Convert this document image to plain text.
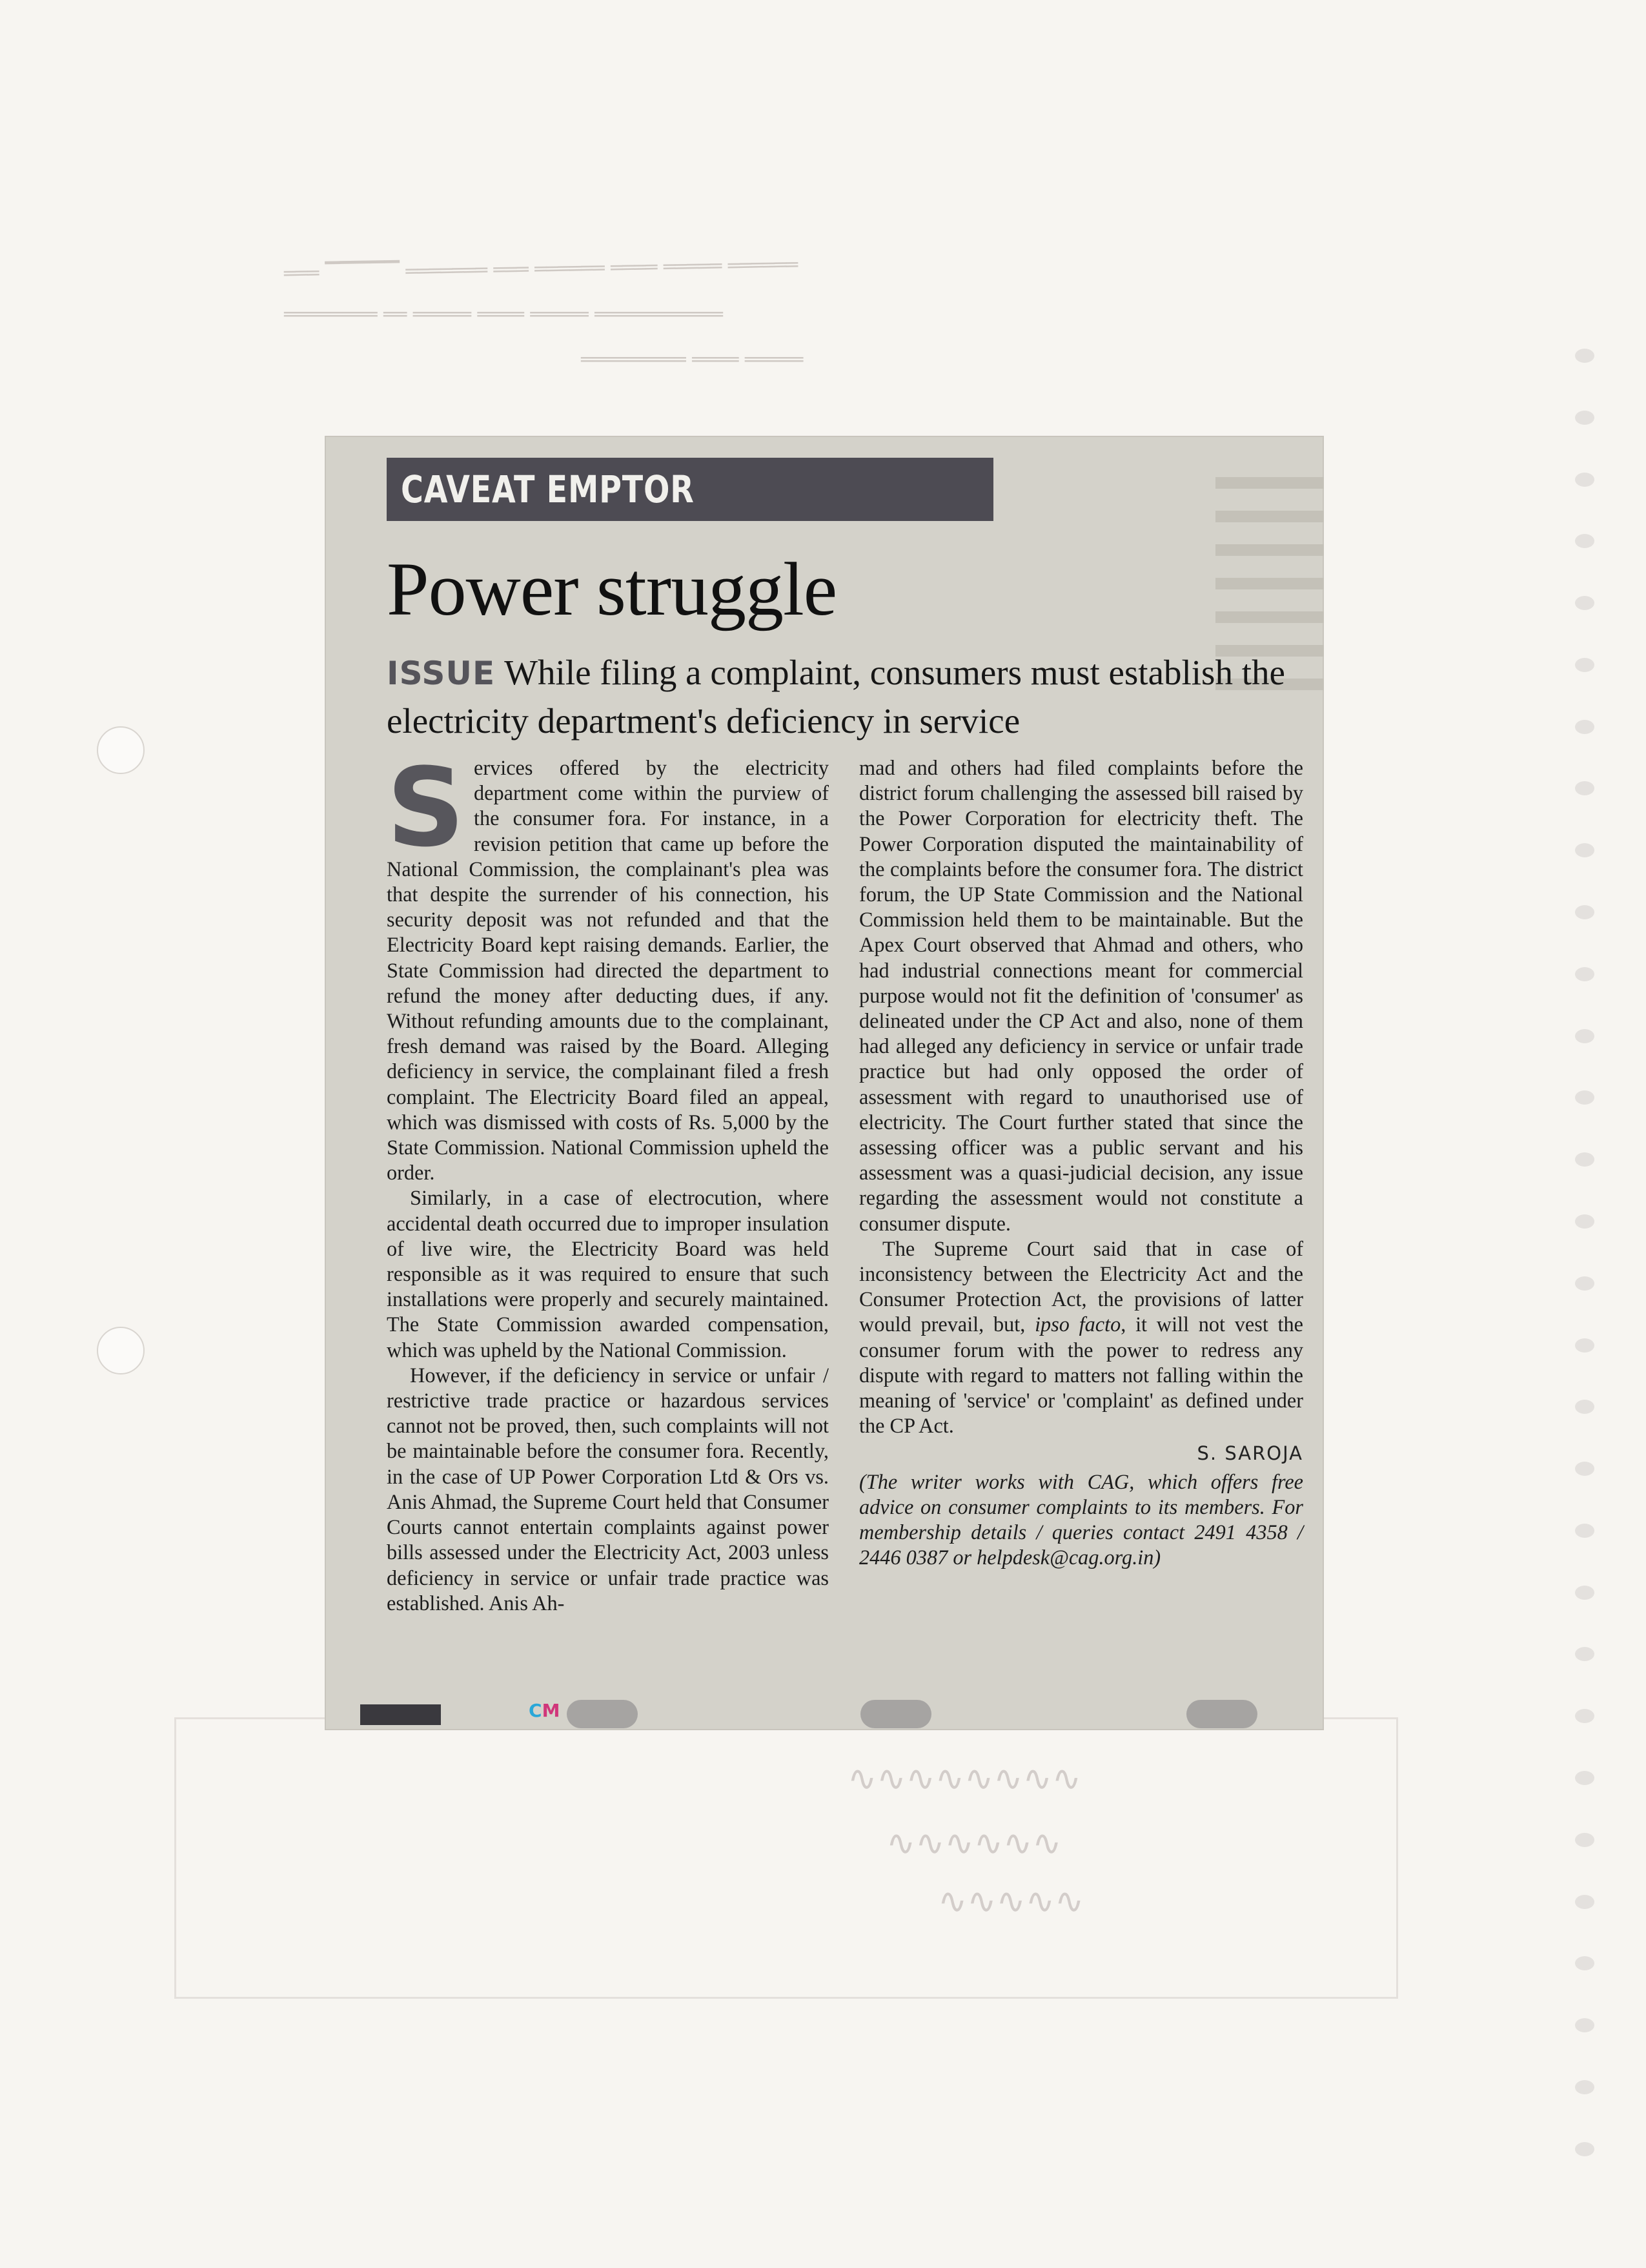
═══ ▔▔▔▔▔ ═══════ ═══ ══════ ════ ═════ ══════
════════ ══ ═════ ════ ═════ ═══════════
═════════ ════ ═════
∿∿∿∿∿∿∿∿
∿∿∿∿∿∿
∿∿∿∿∿
CAVEAT EMPTOR
Power struggle

ISSUE While filing a complaint, consumers must establish the electricity department's deficiency in service

Services offered by the electricity department come within the purview of the consumer fora. For instance, in a revision petition that came up before the National Commission, the complainant's plea was that despite the surrender of his connection, his security deposit was not refunded and that the Electricity Board kept raising demands. Earlier, the State Commission had directed the department to refund the money after deducting dues, if any. Without refunding amounts due to the complainant, fresh demand was raised by the Board. Alleging deficiency in service, the complainant filed a fresh complaint. The Electricity Board filed an appeal, which was dismissed with costs of Rs. 5,000 by the State Commission. National Commission upheld the order.

Similarly, in a case of electrocution, where accidental death occurred due to improper insulation of live wire, the Electricity Board was held responsible as it was required to ensure that such installations were properly and securely maintained. The State Commission awarded compensation, which was upheld by the National Commission.

However, if the deficiency in service or unfair / restrictive trade practice or hazardous services cannot not be proved, then, such complaints will not be maintainable before the consumer fora. Recently, in the case of UP Power Corporation Ltd & Ors vs. Anis Ahmad, the Supreme Court held that Consumer Courts cannot entertain complaints against power bills assessed under the Electricity Act, 2003 unless deficiency in service or unfair trade practice was established. Anis Ah-

mad and others had filed complaints before the district forum challenging the assessed bill raised by the Power Corporation for electricity theft. The Power Corporation disputed the maintainability of the complaints before the consumer fora. The district forum, the UP State Commission and the National Commission held them to be maintainable. But the Apex Court observed that Ahmad and others, who had industrial connections meant for commercial purpose would not fit the definition of 'consumer' as delineated under the CP Act and also, none of them had alleged any deficiency in service or unfair trade practice but had only opposed the order of assessment with regard to unauthorised use of electricity. The Court further stated that since the assessing officer was a public servant and his assessment was a quasi-judicial decision, any issue regarding the assessment would not constitute a consumer dispute.

The Supreme Court said that in case of inconsistency between the Electricity Act and the Consumer Protection Act, the provisions of latter would prevail, but, ipso facto, it will not vest the consumer forum with the power to redress any dispute with regard to matters not falling within the meaning of 'service' or 'complaint' as defined under the CP Act.

S. SAROJA

(The writer works with CAG, which offers free advice on consumer complaints to its members. For membership details / queries contact 2491 4358 / 2446 0387 or helpdesk@cag.org.in)

CM
